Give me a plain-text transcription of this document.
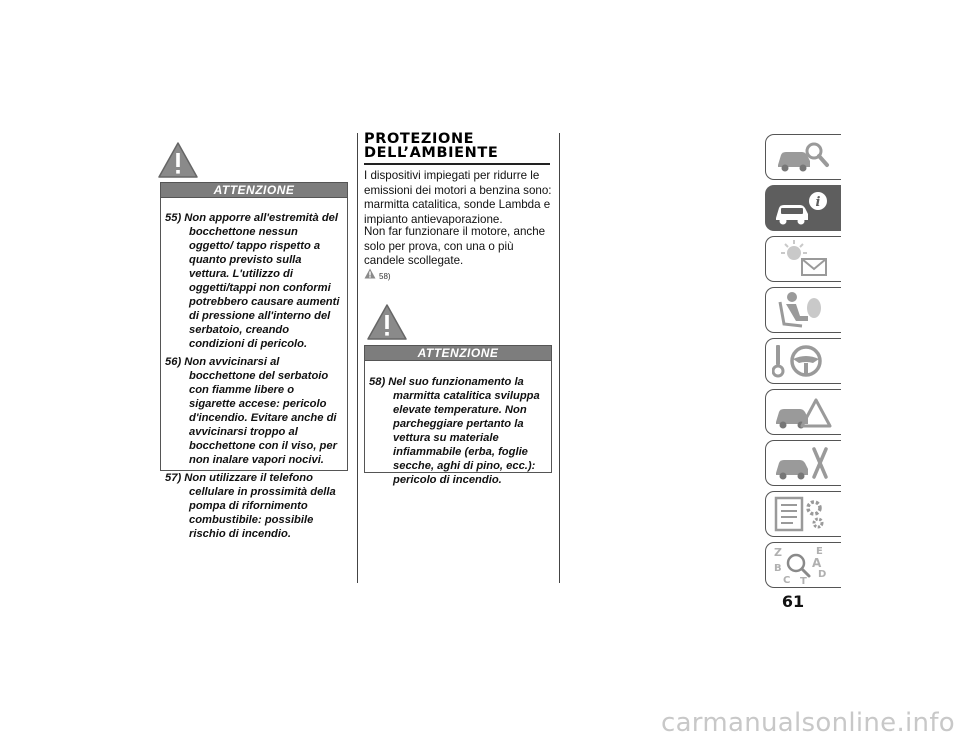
ATTENZIONE

55) Non apporre all'estremità del bocchettone nessun oggetto/ tappo rispetto a quanto previsto sulla vettura. L'utilizzo di oggetti/tappi non conformi potrebbero causare aumenti di pressione all'interno del serbatoio, creando condizioni di pericolo.

56) Non avvicinarsi al bocchettone del serbatoio con fiamme libere o sigarette accese: pericolo d'incendio. Evitare anche di avvicinarsi troppo al bocchettone con il viso, per non inalare vapori nocivi.

57) Non utilizzare il telefono cellulare in prossimità della pompa di rifornimento combustibile: possibile rischio di incendio.

PROTEZIONE
DELL’AMBIENTE
I dispositivi impiegati per ridurre le emissioni dei motori a benzina sono: marmitta catalitica, sonde Lambda e impianto antievaporazione.
Non far funzionare il motore, anche solo per prova, con una o più candele scollegate.
58)
ATTENZIONE

58) Nel suo funzionamento la marmitta catalitica sviluppa elevate temperature. Non parcheggiare pertanto la vettura su materiale infiammabile (erba, foglie secche, aghi di pino, ecc.): pericolo di incendio.

i
Z	E
A
B
D
C T
61
carmanualsonline.info
